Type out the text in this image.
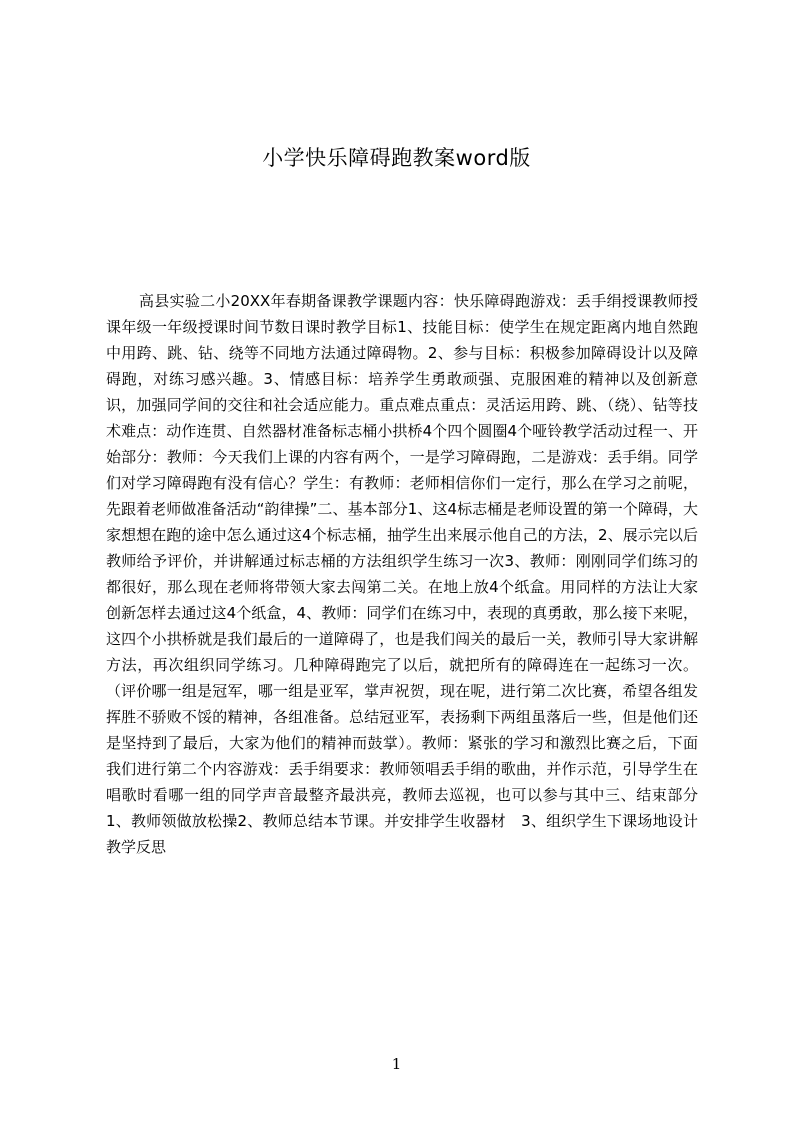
小学快乐障碍跑教案word版

高县实验二小20XX年春期备课教学课题内容：快乐障碍跑游戏：丢手绢授课教师授课年级一年级授课时间节数日课时教学目标1、技能目标：使学生在规定距离内地自然跑中用跨、跳、钻、绕等不同地方法通过障碍物。2、参与目标：积极参加障碍设计以及障碍跑，对练习感兴趣。3、情感目标：培养学生勇敢顽强、克服困难的精神以及创新意识，加强同学间的交往和社会适应能力。重点难点重点：灵活运用跨、跳、（绕）、钻等技术难点：动作连贯、自然器材准备标志桶小拱桥4个四个圆圈4个哑铃教学活动过程一、开始部分：教师：今天我们上课的内容有两个，一是学习障碍跑，二是游戏：丢手绢。同学们对学习障碍跑有没有信心？学生：有教师：老师相信你们一定行，那么在学习之前呢，先跟着老师做准备活动“韵律操”二、基本部分1、这4标志桶是老师设置的第一个障碍，大家想想在跑的途中怎么通过这4个标志桶，抽学生出来展示他自己的方法，2、展示完以后教师给予评价，并讲解通过标志桶的方法组织学生练习一次3、教师：刚刚同学们练习的都很好，那么现在老师将带领大家去闯第二关。在地上放4个纸盒。用同样的方法让大家创新怎样去通过这4个纸盒，4、教师：同学们在练习中，表现的真勇敢，那么接下来呢，这四个小拱桥就是我们最后的一道障碍了，也是我们闯关的最后一关，教师引导大家讲解方法，再次组织同学练习。几种障碍跑完了以后，就把所有的障碍连在一起练习一次。（评价哪一组是冠军，哪一组是亚军，掌声祝贺，现在呢，进行第二次比赛，希望各组发挥胜不骄败不馁的精神，各组准备。总结冠亚军，表扬剩下两组虽落后一些，但是他们还是坚持到了最后，大家为他们的精神而鼓掌）。教师：紧张的学习和激烈比赛之后，下面我们进行第二个内容游戏：丢手绢要求：教师领唱丢手绢的歌曲，并作示范，引导学生在唱歌时看哪一组的同学声音最整齐最洪亮，教师去巡视，也可以参与其中三、结束部分1、教师领做放松操2、教师总结本节课。并安排学生收器材　3、组织学生下课场地设计教学反思

1
